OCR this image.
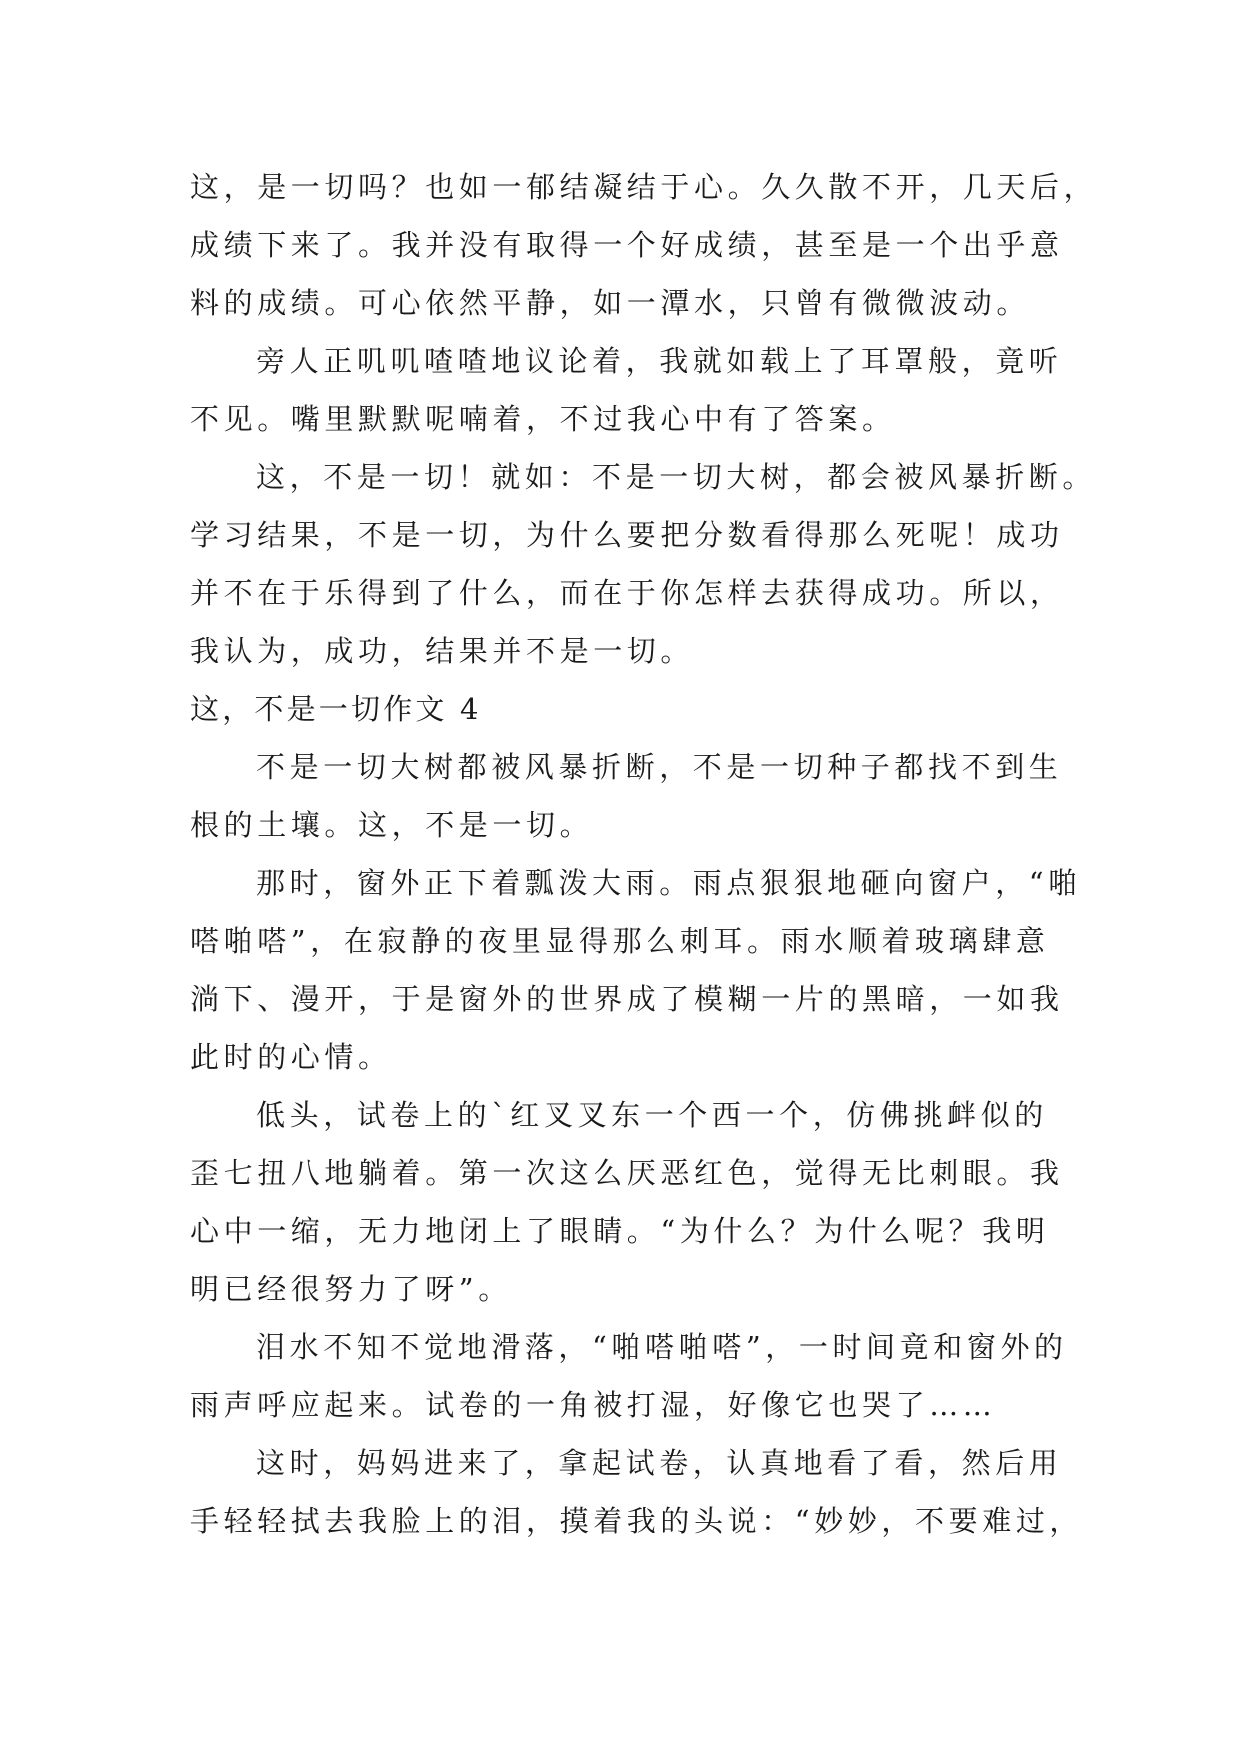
这，是一切吗？也如一郁结凝结于心。久久散不开，几天后，
成绩下来了。我并没有取得一个好成绩，甚至是一个出乎意
料的成绩。可心依然平静，如一潭水，只曾有微微波动。
旁人正叽叽喳喳地议论着，我就如载上了耳罩般，竟听
不见。嘴里默默呢喃着，不过我心中有了答案。
这，不是一切！就如：不是一切大树，都会被风暴折断。
学习结果，不是一切，为什么要把分数看得那么死呢！成功
并不在于乐得到了什么，而在于你怎样去获得成功。所以，
我认为，成功，结果并不是一切。
这，不是一切作文 4
不是一切大树都被风暴折断，不是一切种子都找不到生
根的土壤。这，不是一切。
那时，窗外正下着瓢泼大雨。雨点狠狠地砸向窗户，“啪
嗒啪嗒”，在寂静的夜里显得那么刺耳。雨水顺着玻璃肆意
淌下、漫开，于是窗外的世界成了模糊一片的黑暗，一如我
此时的心情。
低头，试卷上的`红叉叉东一个西一个，仿佛挑衅似的
歪七扭八地躺着。第一次这么厌恶红色，觉得无比刺眼。我
心中一缩，无力地闭上了眼睛。“为什么？为什么呢？我明
明已经很努力了呀”。
泪水不知不觉地滑落，“啪嗒啪嗒”，一时间竟和窗外的
雨声呼应起来。试卷的一角被打湿，好像它也哭了……
这时，妈妈进来了，拿起试卷，认真地看了看，然后用
手轻轻拭去我脸上的泪，摸着我的头说：“妙妙，不要难过，
